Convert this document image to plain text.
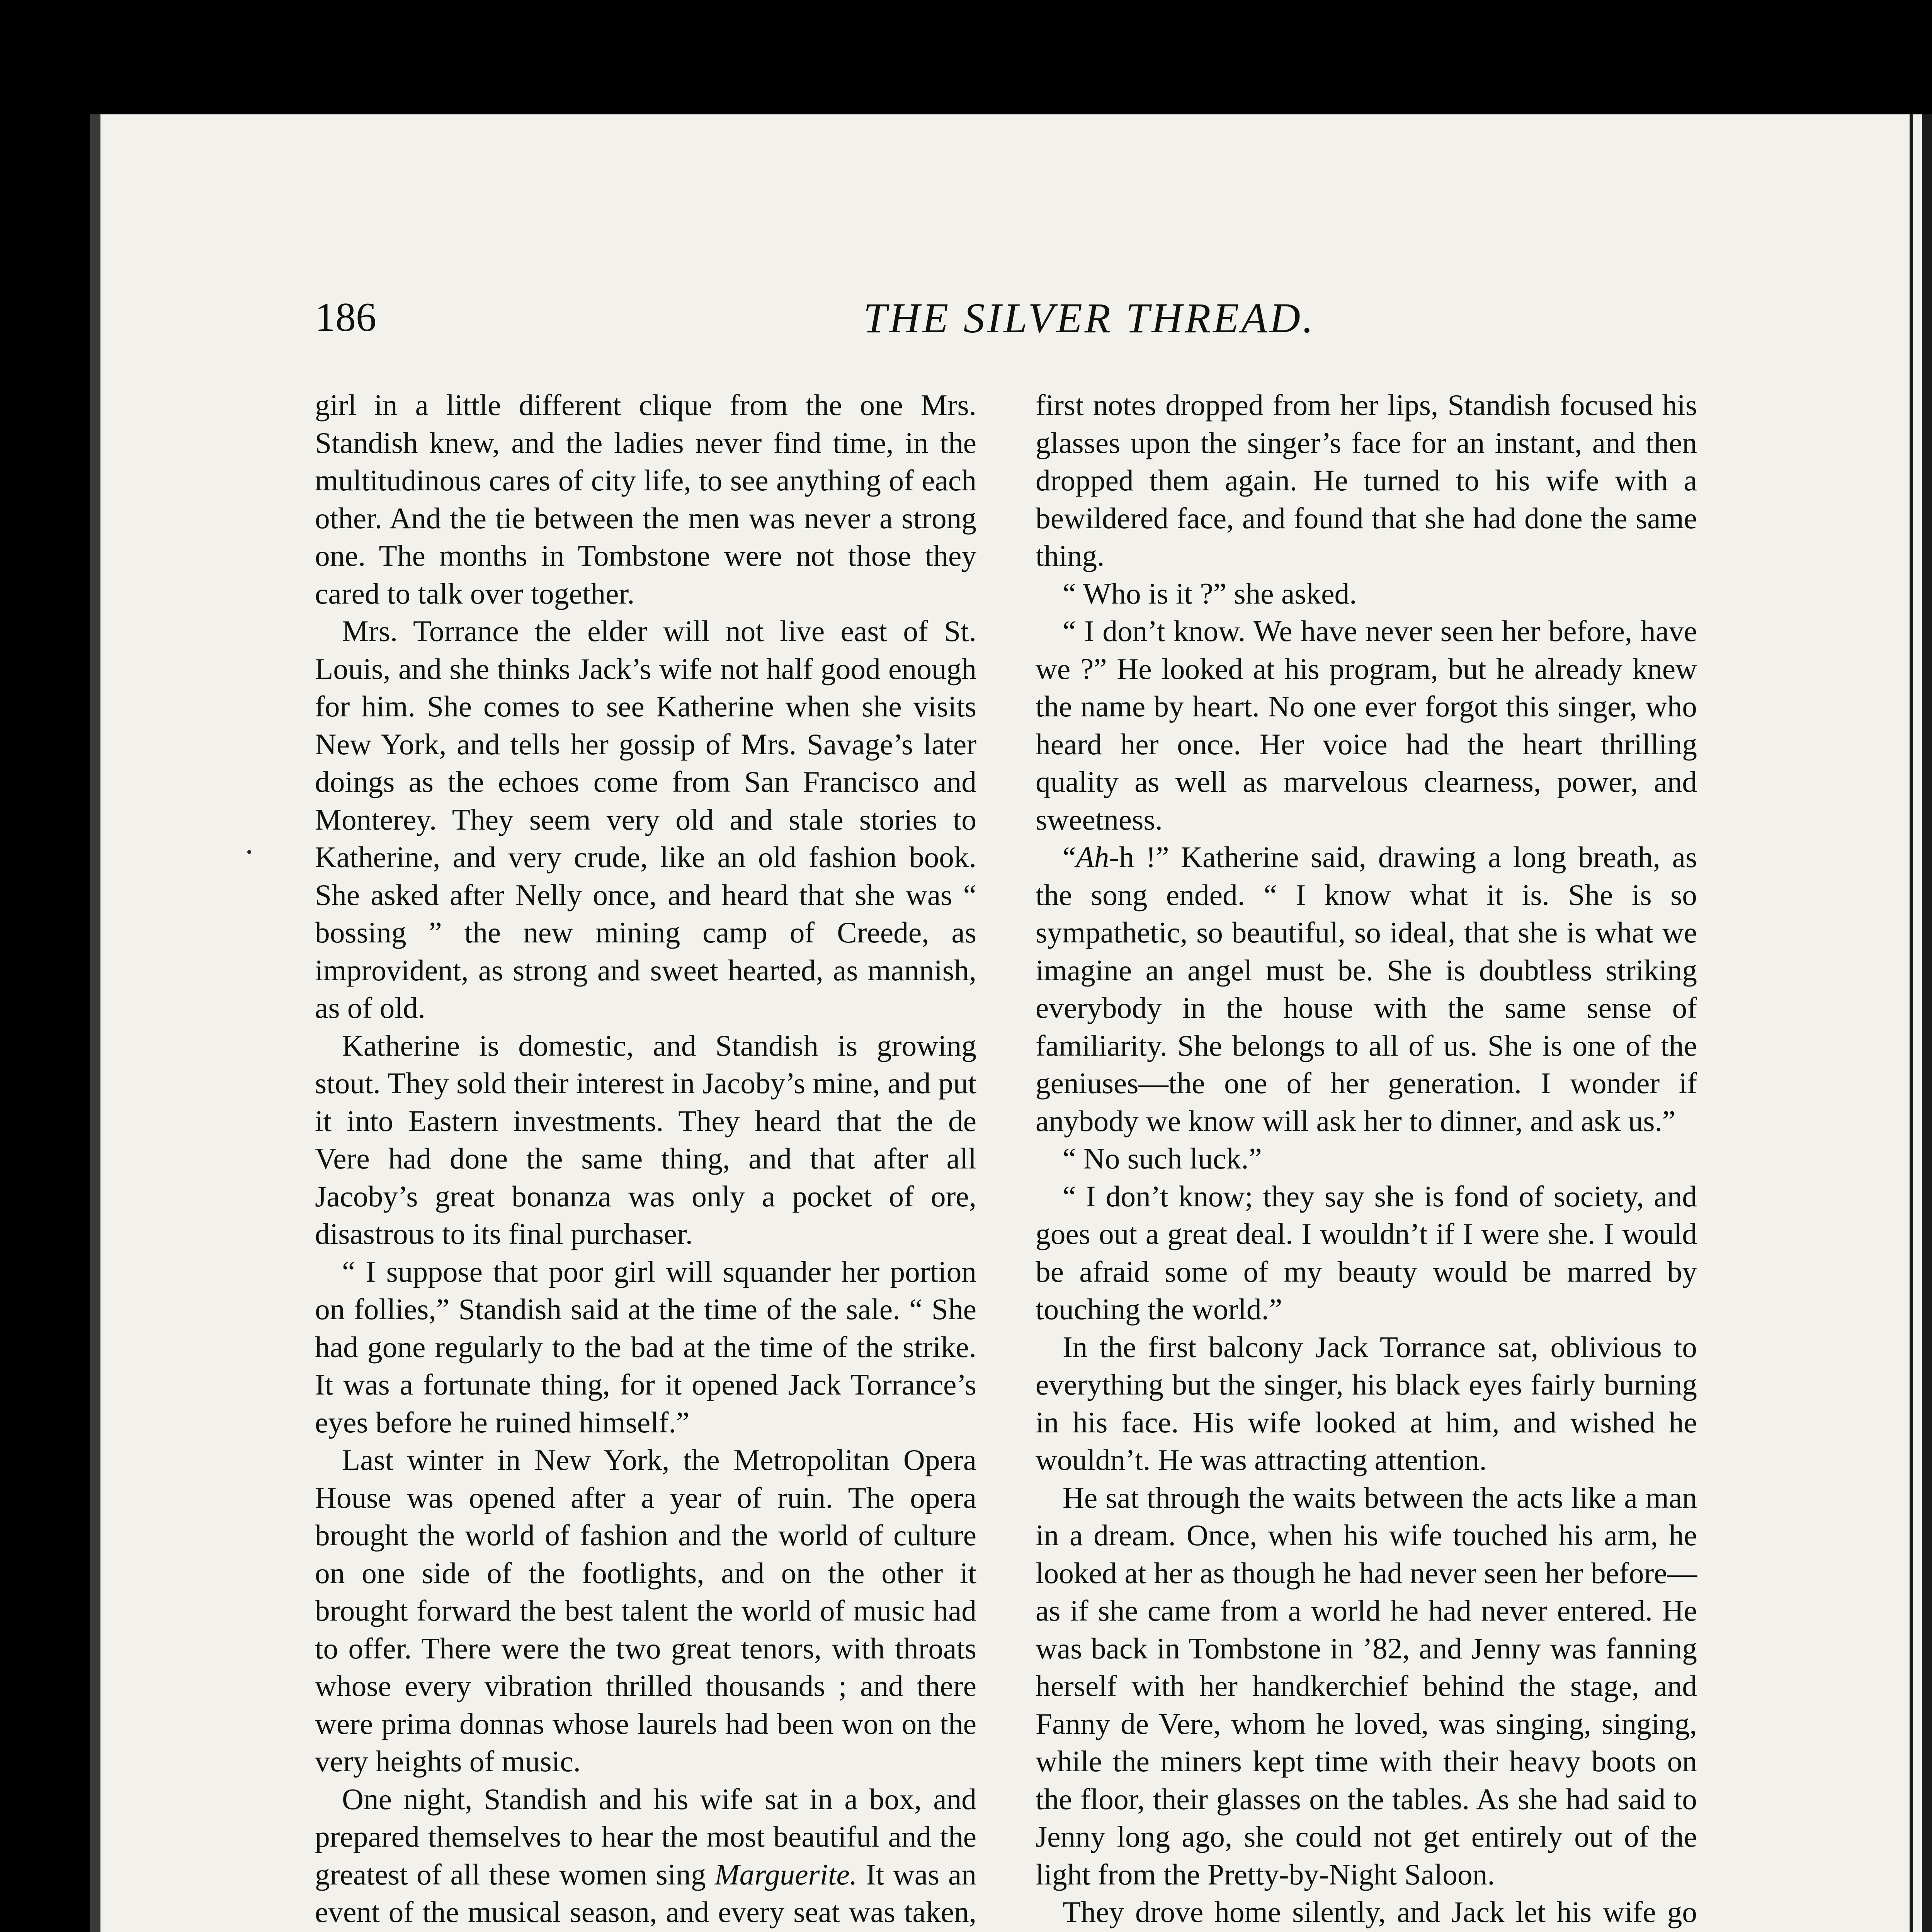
186	THE SILVER THREAD.

girl in a little different clique from the one Mrs. Standish knew, and the ladies never find time, in the multitudinous cares of city life, to see anything of each other. And the tie between the men was never a strong one. The months in Tombstone were not those they cared to talk over together.

Mrs. Torrance the elder will not live east of St. Louis, and she thinks Jack’s wife not half good enough for him. She comes to see Katherine when she visits New York, and tells her gossip of Mrs. Savage’s later doings as the echoes come from San Francisco and Monterey. They seem very old and stale stories to Katherine, and very crude, like an old fashion book. She asked after Nelly once, and heard that she was “ bossing ” the new mining camp of Creede, as improvident, as strong and sweet hearted, as mannish, as of old.

Katherine is domestic, and Standish is growing stout. They sold their interest in Jacoby’s mine, and put it into Eastern investments. They heard that the de Vere had done the same thing, and that after all Jacoby’s great bonanza was only a pocket of ore, disastrous to its final purchaser.

“ I suppose that poor girl will squander her portion on follies,” Standish said at the time of the sale. “ She had gone regularly to the bad at the time of the strike. It was a fortunate thing, for it opened Jack Torrance’s eyes before he ruined himself.”

Last winter in New York, the Metropolitan Opera House was opened after a year of ruin. The opera brought the world of fashion and the world of culture on one side of the footlights, and on the other it brought forward the best talent the world of music had to offer. There were the two great tenors, with throats whose every vibration thrilled thousands ; and there were prima donnas whose laurels had been won on the very heights of music.

One night, Standish and his wife sat in a box, and prepared themselves to hear the most beautiful and the greatest of all these women sing Marguerite. It was an event of the musical season, and every seat was taken,

first notes dropped from her lips, Standish focused his glasses upon the singer’s face for an instant, and then dropped them again. He turned to his wife with a bewildered face, and found that she had done the same thing.

“ Who is it ?” she asked.

“ I don’t know. We have never seen her before, have we ?” He looked at his program, but he already knew the name by heart. No one ever forgot this singer, who heard her once. Her voice had the heart thrilling quality as well as marvelous clearness, power, and sweetness.

“Ah-h !” Katherine said, drawing a long breath, as the song ended. “ I know what it is. She is so sympathetic, so beautiful, so ideal, that she is what we imagine an angel must be. She is doubtless striking everybody in the house with the same sense of familiarity. She belongs to all of us. She is one of the geniuses—the one of her generation. I wonder if anybody we know will ask her to dinner, and ask us.”

“ No such luck.”

“ I don’t know; they say she is fond of society, and goes out a great deal. I wouldn’t if I were she. I would be afraid some of my beauty would be marred by touching the world.”

In the first balcony Jack Torrance sat, oblivious to everything but the singer, his black eyes fairly burning in his face. His wife looked at him, and wished he wouldn’t. He was attracting attention.

He sat through the waits between the acts like a man in a dream. Once, when his wife touched his arm, he looked at her as though he had never seen her before—as if she came from a world he had never entered. He was back in Tombstone in ’82, and Jenny was fanning herself with her handkerchief behind the stage, and Fanny de Vere, whom he loved, was singing, singing, while the miners kept time with their heavy boots on the floor, their glasses on the tables. As she had said to Jenny long ago, she could not get entirely out of the light from the Pretty-by-Night Saloon.

They drove home silently, and Jack let his wife go
